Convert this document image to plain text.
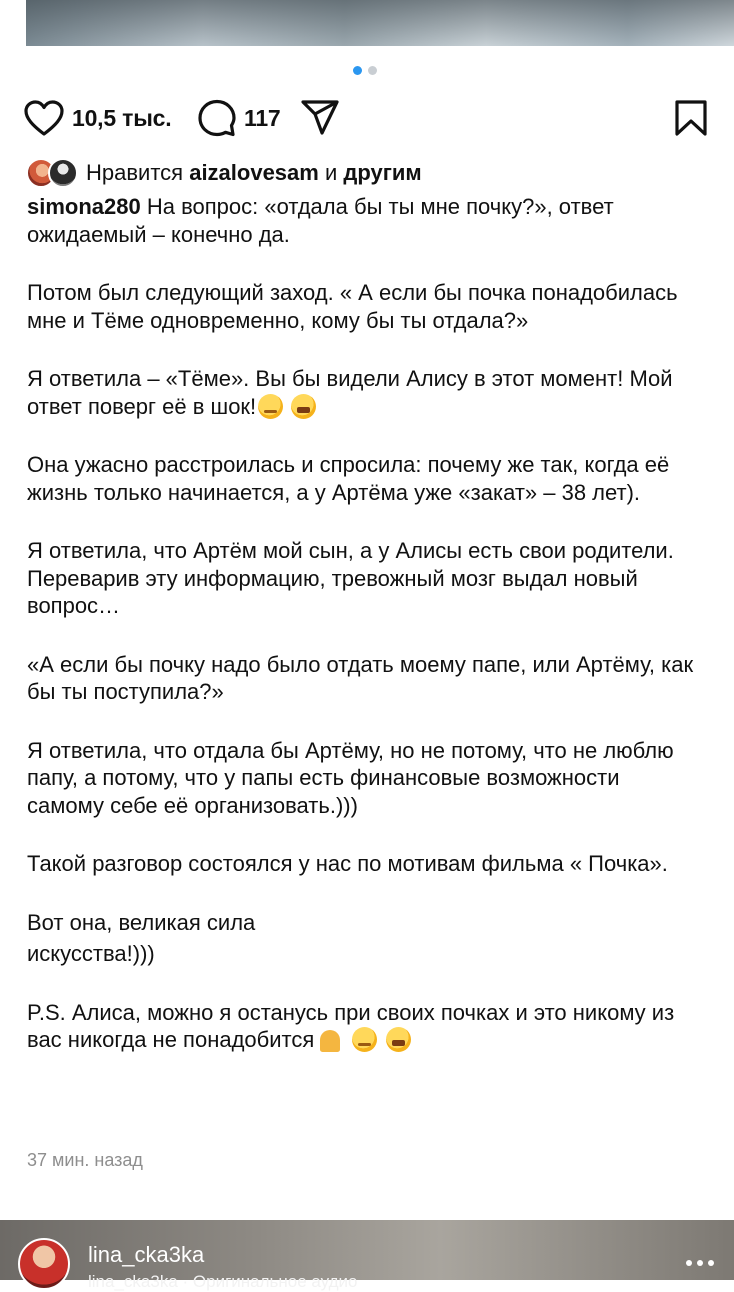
10,5 тыс.	117
Нравится aizalovesam и другим

simona280 На вопрос: «отдала бы ты мне почку?», ответ ожидаемый – конечно да.

Потом был следующий заход. « А если бы почка понадобилась мне и Тёме одновременно, кому бы ты отдала?»

Я ответила – «Тёме». Вы бы видели Алису в этот момент! Мой ответ поверг её в шок!

Она ужасно расстроилась и спросила: почему же так, когда её жизнь только начинается, а у Артёма уже «закат» – 38 лет).

Я ответила, что Артём мой сын, а у Алисы есть свои родители. Переварив эту информацию, тревожный мозг выдал новый вопрос…

«А если бы почку надо было отдать моему папе, или Артёму, как бы ты поступила?»

Я ответила, что отдала бы Артёму, но не потому, что не люблю папу, а потому, что у папы есть финансовые возможности самому себе её организовать.)))

Такой разговор состоялся у нас по мотивам фильма « Почка».

Вот она, великая сила

искусства!)))

P.S. Алиса, можно я останусь при своих почках и это никому из вас никогда не понадобится

37 мин. назад
lina_cka3ka
lina_cka3ka · Оригинальное аудио
